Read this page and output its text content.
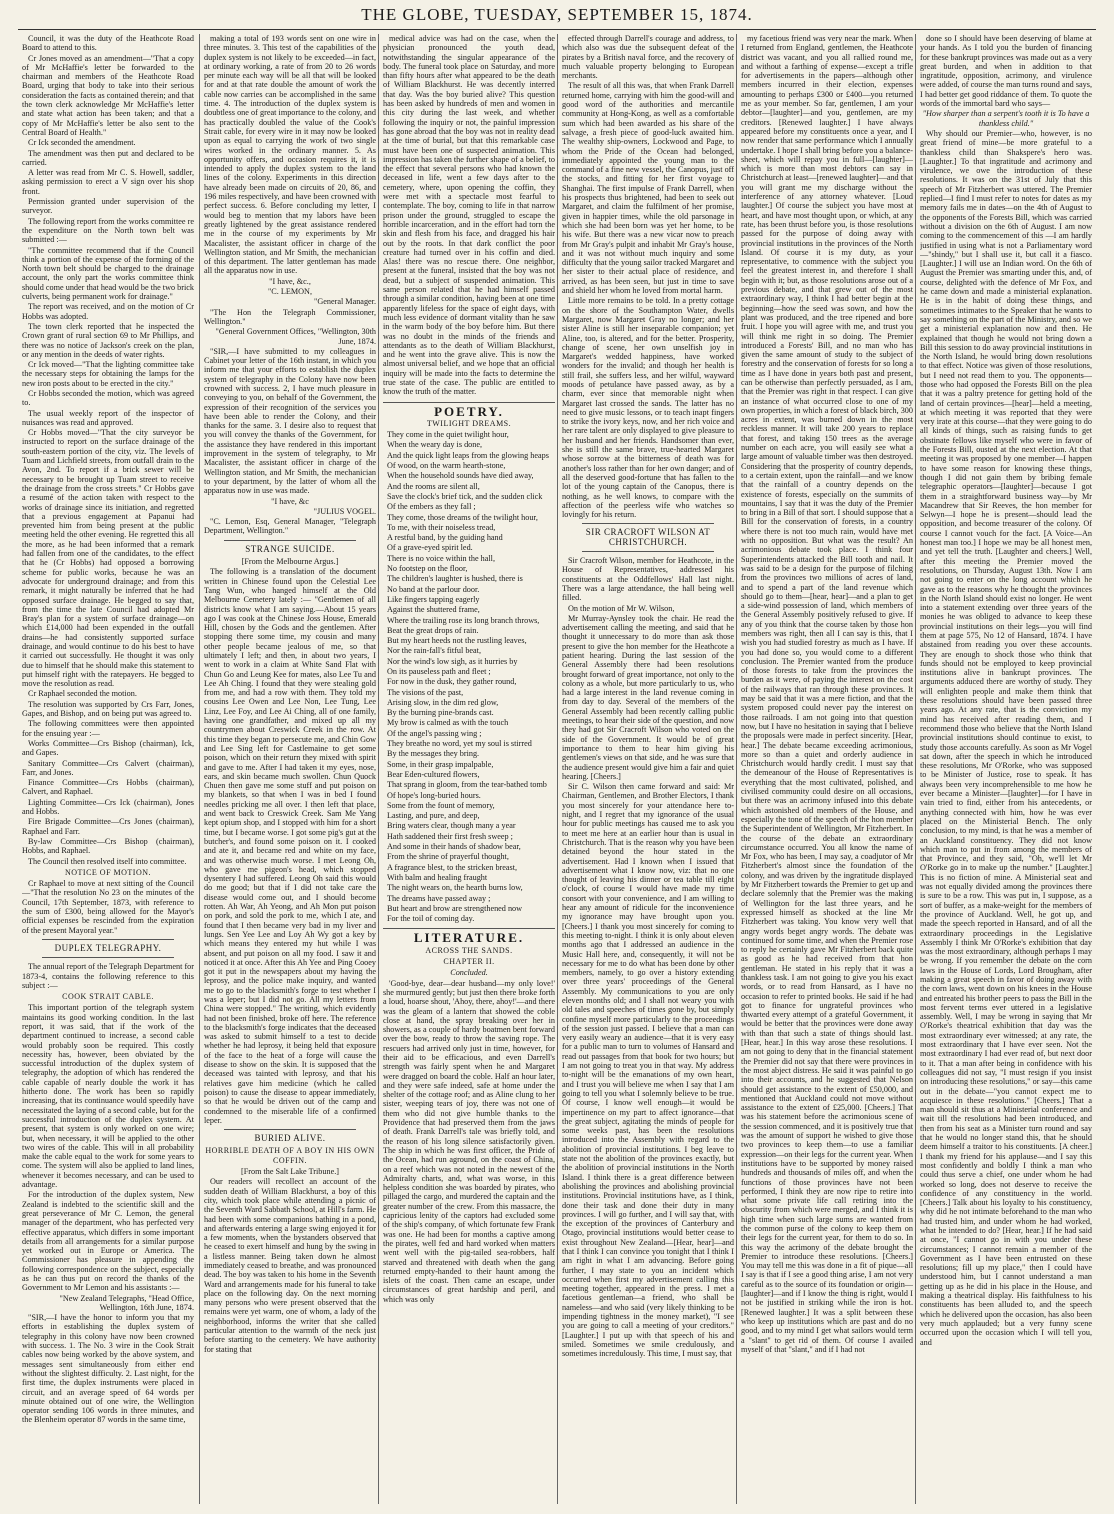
THE GLOBE, TUESDAY, SEPTEMBER 15, 1874.

Council, it was the duty of the Heathcote Road Board to attend to this.

Cr Jones moved as an amendment—"That a copy of Mr McHaffie's letter be forwarded to the chairman and members of the Heathcote Road Board, urging that body to take into their serious consideration the facts as contained therein; and that the town clerk acknowledge Mr McHaffie's letter and state what action has been taken; and that a copy of Mr McHaffie's letter be also sent to the Central Board of Health."

Cr Ick seconded the amendment.

The amendment was then put and declared to be carried.

A letter was read from Mr C. S. Howell, saddler, asking permission to erect a V sign over his shop front.

Permission granted under supervision of the surveyor.

The following report from the works committee re the expenditure on the North town belt was submitted :—

"The committee recommend that if the Council think a portion of the expense of the forming of the North town belt should be charged to the drainage account, the only part the works committee think should come under that head would be the two brick culverts, being permanent work for drainage."

The report was received, and on the motion of Cr Hobbs was adopted.

The town clerk reported that he inspected the Crown grant of rural section 69 to Mr Phillips, and there was no notice of Jackson's creek on the plan, or any mention in the deeds of water rights.

Cr Ick moved—"That the lighting committee take the necessary steps for obtaining the lamps for the new iron posts about to be erected in the city."

Cr Hobbs seconded the motion, which was agreed to.

The usual weekly report of the inspector of nuisances was read and approved.

Cr Hobbs moved—"That the city surveyor be instructed to report on the surface drainage of the south-eastern portion of the city, viz. The levels of Tuam and Lichfield streets, from outfall drain to the Avon, 2nd. To report if a brick sewer will be necessary to be brought up Tuam street to receive the drainage from the cross streets." Cr Hobbs gave a resumé of the action taken with respect to the works of drainage since its initiation, and regretted that a previous engagement at Papanui had prevented him from being present at the public meeting held the other evening. He regretted this all the more, as he had been informed that a remark had fallen from one of the candidates, to the effect that he (Cr Hobbs) had opposed a borrowing scheme for public works, because he was an advocate for underground drainage; and from this remark, it might naturally be inferred that he had opposed surface drainage. He begged to say that, from the time the late Council had adopted Mr Bray's plan for a system of surface drainage—on which £14,000 had been expended in the outfall drains—he had consistently supported surface drainage, and would continue to do his best to have it carried out successfully. He thought it was only due to himself that he should make this statement to put himself right with the ratepayers. He begged to move the resolution as read.

Cr Raphael seconded the motion.

The resolution was supported by Crs Farr, Jones, Gapes, and Bishop, and on being put was agreed to.

The following committees were then appointed for the ensuing year :—

Works Committee—Crs Bishop (chairman), Ick, and Gapes.

Sanitary Committee—Crs Calvert (chairman), Farr, and Jones.

Finance Committee—Crs Hobbs (chairman), Calvert, and Raphael.

Lighting Committee—Crs Ick (chairman), Jones and Hobbs.

Fire Brigade Committee—Crs Jones (chairman), Raphael and Farr.

By-law Committee—Crs Bishop (chairman), Hobbs, and Raphael.

The Council then resolved itself into committee.

NOTICE OF MOTION.

Cr Raphael to move at next sitting of the Council—"That the resolution No 23 on the minutes of the Council, 17th September, 1873, with reference to the sum of £300, being allowed for the Mayor's official expenses be rescinded from the expiration of the present Mayoral year."

DUPLEX TELEGRAPHY.

The annual report of the Telegraph Department for 1873-4, contains the following reference to this subject :—

COOK STRAIT CABLE.

This important portion of the telegraph system maintains its good working condition. In the last report, it was said, that if the work of the department continued to increase, a second cable would probably soon be required. This costly necessity has, however, been obviated by the successful introduction of the duplex system of telegraphy, the adoption of which has rendered the cable capable of nearly double the work it has hitherto done. The work has been so rapidly increasing, that its continuance would speedily have necessitated the laying of a second cable, but for the successful introduction of the duplex system. At present, that system is only worked on one wire; but, when necessary, it will be applied to the other two wires of the cable. This will in all probability make the cable equal to the work for some years to come. The system will also be applied to land lines, whenever it becomes necessary, and can be used to advantage.

For the introduction of the duplex system, New Zealand is indebted to the scientific skill and the great perseverance of Mr C. Lemon, the general manager of the department, who has perfected very effective apparatus, which differs in some important details from all arrangements for a similar purpose yet worked out in Europe or America. The Commissioner has pleasure in appending the following correspondence on the subject, especially as he can thus put on record the thanks of the Government to Mr Lemon and his assistants :—

"New Zealand Telegraphs, "Head Office, Wellington, 16th June, 1874.

"SIR,—I have the honor to inform you that my efforts in establishing the duplex system of telegraphy in this colony have now been crowned with success. 1. The No. 3 wire in the Cook Strait cables now being worked by the above system, and messages sent simultaneously from either end without the slightest difficulty. 2. Last night, for the first time, the duplex instruments were placed in circuit, and an average speed of 64 words per minute obtained out of one wire, the Wellington operator sending 106 words in three minutes, and the Blenheim operator 87 words in the same time,

making a total of 193 words sent on one wire in three minutes. 3. This test of the capabilities of the duplex system is not likely to be exceeded—in fact, at ordinary working, a rate of from 20 to 26 words per minute each way will be all that will be looked for and at that rate double the amount of work the cable now carries can be accomplished in the same time. 4. The introduction of the duplex system is doubtless one of great importance to the colony, and has practically doubled the value of the Cook's Strait cable, for every wire in it may now be looked upon as equal to carrying the work of two single wires worked in the ordinary manner. 5. As opportunity offers, and occasion requires it, it is intended to apply the duplex system to the land lines of the colony. Experiments in this direction have already been made on circuits of 20, 86, and 196 miles respectively, and have been crowned with perfect success. 6. Before concluding my letter, I would beg to mention that my labors have been greatly lightened by the great assistance rendered me in the course of my experiments by Mr Macalister, the assistant officer in charge of the Wellington station, and Mr Smith, the mechanician of this department. The latter gentleman has made all the apparatus now in use.

"I have, &c.,

"C. LEMON,

"General Manager.

"The Hon the Telegraph Commissioner, Wellington."

"General Government Offices, "Wellington, 30th June, 1874.

"SIR,—I have submitted to my colleagues in Cabinet your letter of the 16th instant, in which you inform me that your efforts to establish the duplex system of telegraphy in the Colony have now been crowned with success. 2, I have much pleasure in conveying to you, on behalf of the Government, the expression of their recognition of the services you have been able to render the Colony, and their thanks for the same. 3. I desire also to request that you will convey the thanks of the Government, for the assistance they have rendered in this important improvement in the system of telegraphy, to Mr Macalister, the assistant officer in charge of the Wellington station, and Mr Smith, the mechanician to your department, by the latter of whom all the apparatus now in use was made.

"I have, &c

"JULIUS VOGEL.

"C. Lemon, Esq, General Manager, "Telegraph Department, Wellington."

STRANGE SUICIDE.

[From the Melbourne Argus.]

The following is a translation of the document written in Chinese found upon the Celestial Lee Tang Wun, who hanged himself at the Old Melbourne Cemetery lately :— "Gentlemen of all districts know what I am saying.—About 15 years ago I was cook at the Chinese Joss House, Emerald Hill, chosen by the Gods and the gentlemen. After stopping there some time, my cousin and many other people became jealous of me, so that ultimately I left; and then, in about two years, I went to work in a claim at White Sand Flat with Chun Go and Leung Kee for mates, also Lee Tu and Lee Ah Ching. I found that they were stealing gold from me, and had a row with them. They told my cousins Lee Owen and Lee Non, Lee Tung, Lee Linz, Lee Foy, and Lee Ai Ching, all of one family, having one grandfather, and mixed up all my countrymen about Creswick Creek in the row. At this time they began to persecute me, and Chin Gow and Lee Sing left for Castlemaine to get some poison, which on their return they mixed with spirit and gave to me. After I had taken it my eyes, nose, ears, and skin became much swollen. Chun Quock Chuen then gave me some stuff and put poison on my blankets, so that when I was in bed I found needles pricking me all over. I then left that place, and went back to Creswick Creek. Sam Me Yang kept opium shop, and I stopped with him for a short time, but I became worse. I got some pig's gut at the butcher's, and found some poison on it. I cooked and ate it, and became red and white on my face, and was otherwise much worse. I met Leong Oh, who gave me pigeon's head, which stopped dysentery I had suffered. Leong Oh said this would do me good; but that if I did not take care the disease would come out, and I should become rotten. Ah War, Ah Yeong, and Ah Mon put poison on pork, and sold the pork to me, which I ate, and found that I then became very bad in my liver and lungs. Sen Yee Lee and Loy Ah Wy got a key by which means they entered my hut while I was absent, and put poison on all my food. I saw it and noticed it at once. After this Ah Yee and Ping Cooey got it put in the newspapers about my having the leprosy, and the police make inquiry, and wanted me to go to the blacksmith's forge to test whether I was a leper; but I did not go. All my letters from China were stopped." The writing, which evidently had not been finished, broke off here. The reference to the blacksmith's forge indicates that the deceased was asked to submit himself to a test to decide whether he had leprosy, it being held that exposure of the face to the heat of a forge will cause the disease to show on the skin. It is supposed that the deceased was tainted with leprosy, and that his relatives gave him medicine (which he called poison) to cause the disease to appear immediately, so that he would be driven out of the camp and condemned to the miserable life of a confirmed leper.

BURIED ALIVE.
HORRIBLE DEATH OF A BOY IN HIS OWN COFFIN.

[From the Salt Lake Tribune.]

Our readers will recollect an account of the sudden death of William Blackhurst, a boy of this city, which took place while attending a picnic of the Seventh Ward Sabbath School, at Hill's farm. He had been with some companions bathing in a pond, and afterwards entering a large swing enjoyed it for a few moments, when the bystanders observed that he ceased to exert himself and hung by the swing in a listless manner. Being taken down he almost immediately ceased to breathe, and was pronounced dead. The boy was taken to his home in the Seventh Ward and arrangements made for his funeral to take place on the following day. On the next morning many persons who were present observed that the remains were yet warm, one of whom, a lady of the neighborhood, informs the writer that she called particular attention to the warmth of the neck just before starting to the cemetery. We have authority for stating that

medical advice was had on the case, when the physician pronounced the youth dead, notwithstanding the singular appearance of the body. The funeral took place on Saturday, and more than fifty hours after what appeared to be the death of William Blackhurst. He was decently interred that day. Was the boy buried alive? This question has been asked by hundreds of men and women in this city during the last week, and whether following the inquiry or not, the painful impression has gone abroad that the boy was not in reality dead at the time of burial, but that this remarkable case must have been one of suspected animation. This impression has taken the further shape of a belief, to the effect that several persons who had known the deceased in life, went a few days after to the cemetery, where, upon opening the coffin, they were met with a spectacle most fearful to contemplate. The boy, coming to life in that narrow prison under the ground, struggled to escape the horrible incarceration, and in the effort had torn the skin and flesh from his face, and dragged his hair out by the roots. In that dark conflict the poor creature had turned over in his coffin and died. Alas! there was no rescue there. One neighbor, present at the funeral, insisted that the boy was not dead, but a subject of suspended animation. This same person related that he had himself passed through a similar condition, having been at one time apparently lifeless for the space of eight days, with much less evidence of dormant vitality than he saw in the warm body of the boy before him. But there was no doubt in the minds of the friends and attendants as to the death of William Blackhurst, and he went into the grave alive. This is now the almost universal belief, and we hope that an official inquiry will be made into the facts to determine the true state of the case. The public are entitled to know the truth of the matter.

POETRY.
TWILIGHT DREAMS.

They come in the quiet twilight hour,

When the weary day is done,

And the quick light leaps from the glowing heaps

Of wood, on the warm hearth-stone,

When the household sounds have died away,

And the rooms are silent all,

Save the clock's brief tick, and the sudden click

Of the embers as they fall ;

They come, those dreams of the twilight hour,

To me, with their noiseless tread,

A restful band, by the guiding hand

Of a grave-eyed spirit led.

There is no voice within the hall,

No footstep on the floor,

The children's laughter is hushed, there is

No band at the parlour door.

Like fingers tapping eagerly

Against the shuttered frame,

Where the trailing rose its long branch throws,

Beat the great drops of rain.

But my heart heeds not the rustling leaves,

Nor the rain-fall's fitful beat,

Nor the wind's low sigh, as it hurries by

On its pauseless path and fleet ;

For now in the dusk, they gather round,

The visions of the past,

Arising slow, in the dim red glow,

By the burning pine-brands cast.

My brow is calmed as with the touch

Of the angel's passing wing ;

They breathe no word, yet my soul is stirred

By the messages they bring.

Some, in their grasp impalpable,

Bear Eden-cultured flowers,

That sprang in gloom, from the tear-bathed tomb

Of hope's long-buried hours.

Some from the fount of memory,

Lasting, and pure, and deep,

Bring waters clear, though many a year

Hath saddened their first fresh sweep ;

And some in their hands of shadow bear,

From the shrine of prayerful thought,

A fragrance blest, to the stricken breast,

With balm and healing fraught

The night wears on, the hearth burns low,

The dreams have passed away ;

But heart and brow are strengthened now

For the toil of coming day.

LITERATURE.
ACROSS THE SANDS.
CHAPTER II.

Concluded.

'Good-bye, dear—dear husband—my only love!' she murmured gently; but just then there broke forth a loud, hoarse shout, 'Ahoy, there, ahoy!'—and there was the gleam of a lantern that showed the coble close at hand, the spray breaking over her in showers, as a couple of hardy boatmen bent forward over the bow, ready to throw the saving rope. The rescuers had arrived only just in time, however, for their aid to be efficacious, and even Darrell's strength was fairly spent when he and Margaret were dragged on board the coble. Half an hour later, and they were safe indeed, safe at home under the shelter of the cottage roof; and as Aline clung to her sister, weeping tears of joy, there was not one of them who did not give humble thanks to the Providence that had preserved them from the jaws of death. Frank Darrell's tale was briefly told, and the reason of his long silence satisfactorily given. The ship in which he was first officer, the Pride of the Ocean, had run aground, on the coast of China, on a reef which was not noted in the newest of the Admiralty charts, and, what was worse, in this helpless condition she was boarded by pirates, who pillaged the cargo, and murdered the captain and the greater number of the crew. From this massacre, the capricious lenity of the captors had excluded some of the ship's company, of which fortunate few Frank was one. He had been for months a captive among the pirates, well fed and hard worked when matters went well with the pig-tailed sea-robbers, half starved and threatened with death when the gang returned empty-handed to their haunt among the islets of the coast. Then came an escape, under circumstances of great hardship and peril, and which was only

effected through Darrell's courage and address, to which also was due the subsequent defeat of the pirates by a British naval force, and the recovery of much valuable property belonging to European merchants.

The result of all this was, that when Frank Darrell returned home, carrying with him the good-will and good word of the authorities and mercantile community at Hong-Kong, as well as a comfortable sum which had been awarded as his share of the salvage, a fresh piece of good-luck awaited him. The wealthy ship-owners, Lockwood and Page, to whom the Pride of the Ocean had belonged, immediately appointed the young man to the command of a fine new vessel, the Canopus, just off the stocks, and fitting for her first voyage to Shanghai. The first impulse of Frank Darrell, when his prospects thus brightened, had been to seek out Margaret, and claim the fulfilment of her promise, given in happier times, while the old parsonage in which she had been born was yet her home, to be his wife. But there was a new vicar now to preach from Mr Gray's pulpit and inhabit Mr Gray's house, and it was not without much inquiry and some difficulty that the young sailor tracked Margaret and her sister to their actual place of residence, and arrived, as has been seen, but just in time to save and shield her whom he loved from mortal harm.

Little more remains to be told. In a pretty cottage on the shore of the Southampton Water, dwells Margaret, now Margaret Gray no longer; and her sister Aline is still her inseparable companion; yet Aline, too, is altered, and for the better. Prosperity, change of scene, her own unselfish joy in Margaret's wedded happiness, have worked wonders for the invalid; and though her health is still frail, she suffers less, and her wilful, wayward moods of petulance have passed away, as by a charm, ever since that memorable night when Margaret last crossed the sands. The latter has no need to give music lessons, or to teach inapt fingers to strike the ivory keys, now, and her rich voice and her rare talent are only displayed to give pleasure to her husband and her friends. Handsomer than ever, she is still the same brave, true-hearted Margaret whose sorrow at the bitterness of death was for another's loss rather than for her own danger; and of all the deserved good-fortune that has fallen to the lot of the young captain of the Canopus, there is nothing, as he well knows, to compare with the affection of the peerless wife who watches so lovingly for his return.

SIR CRACROFT WILSON AT CHRISTCHURCH.

Sir Cracroft Wilson, member for Heathcote, in the House of Representatives, addressed his constituents at the Oddfellows' Hall last night. There was a large attendance, the hall being well filled.

On the motion of Mr W. Wilson,

Mr Murray-Aynsley took the chair. He read the advertisement calling the meeting, and said that he thought it unnecessary to do more than ask those present to give the hon member for the Heathcote a patient hearing. During the last session of the General Assembly there had been resolutions brought forward of great importance, not only to the colony as a whole, but more particularly to us, who had a large interest in the land revenue coming in from day to day. Several of the members of the General Assembly had been recently calling public meetings, to hear their side of the question, and now they had got Sir Cracroft Wilson who voted on the side of the Government. It would be of great importance to them to hear him giving his gentlemen's views on that side, and he was sure that the audience present would give him a fair and quiet hearing. [Cheers.]

Sir C. Wilson then came forward and said: Mr Chairman, Gentlemen, and Brother Electors, I thank you most sincerely for your attendance here to-night, and I regret that my ignorance of the usual hour for public meetings has caused me to ask you to meet me here at an earlier hour than is usual in Christchurch. That is the reason why you have been detained beyond the hour stated in the advertisement. Had I known when I issued that advertisement what I know now, viz: that no one thought of leaving his dinner or tea table till eight o'clock, of course I would have made my time consort with your convenience, and I am willing to hear any amount of ridicule for the inconvenience my ignorance may have brought upon you. [Cheers.] I thank you most sincerely for coming to this meeting to-night. I think it is only about eleven months ago that I addressed an audience in the Music Hall here, and, consequently, it will not be necessary for me to do what has been done by other members, namely, to go over a history extending over three years' proceedings of the General Assembly. My communications to you are only eleven months old; and I shall not weary you with old tales and speeches of times gone by, but simply confine myself more particularly to the proceedings of the session just passed. I believe that a man can very easily weary an audience—that it is very easy for a public man to turn to volumes of Hansard and read out passages from that book for two hours; but I am not going to treat you in that way. My address to-night will be the emanations of my own heart, and I trust you will believe me when I say that I am going to tell you what I solemnly believe to be true. Of course, I know well enough—it would be impertinence on my part to affect ignorance—that the great subject, agitating the minds of people for some weeks past, has been the resolutions introduced into the Assembly with regard to the abolition of provincial institutions. I beg leave to state not the abolition of the provinces exactly, but the abolition of provincial institutions in the North Island. I think there is a great difference between abolishing the provinces and abolishing provincial institutions. Provincial institutions have, as I think, done their task and done their duty in many provinces. I will go further, and I will say that, with the exception of the provinces of Canterbury and Otago, provincial institutions would better cease to exist throughout New Zealand—[Hear, hear]—and that I think I can convince you tonight that I think I am right in what I am advancing. Before going further, I may state to you an incident which occurred when first my advertisement calling this meeting together, appeared in the press. I met a facetious gentleman—a friend, who shall be nameless—and who said (very likely thinking to be impending tightness in the money market), "I see you are going to call a meeting of your creditors." [Laughter.] I put up with that speech of his and smiled. Sometimes we smile credulously, and sometimes incredulously. This time, I must say, that

my facetious friend was very near the mark. When I returned from England, gentlemen, the Heathcote district was vacant, and you all rallied round me, and without a farthing of expense—except a trifle for advertisements in the papers—although other members incurred in their election, expenses amounting to perhaps £300 or £400—you returned me as your member. So far, gentlemen, I am your debtor—[laughter]—and you, gentlemen, are my creditors. [Renewed laughter.] I have always appeared before my constituents once a year, and I now render that same performance which I annually undertake. I hope I shall bring before you a balance-sheet, which will repay you in full—[laughter]—which is more than most debtors can say in Christchurch at least—[renewed laughter]—and that you will grant me my discharge without the interference of any attorney whatever. [Loud laughter.] Of course the subject you have most at heart, and have most thought upon, or which, at any rate, has been thrust before you, is those resolutions passed for the purpose of doing away with provincial institutions in the provinces of the North Island. Of course it is my duty, as your representative, to commence with the subject you feel the greatest interest in, and therefore I shall begin with it; but, as those resolutions arose out of a previous debate, and that grew out of the most extraordinary way, I think I had better begin at the beginning—how the seed was sown, and how the plant was produced, and the tree ripened and bore fruit. I hope you will agree with me, and trust you will think me right in so doing. The Premier introduced a Forests' Bill, and no man who has given the same amount of study to the subject of forestry and the conservation of forests for so long a time as I have done in years both past and present, can be otherwise than perfectly persuaded, as I am, that the Premier was right in that respect. I can give an instance of what occurred close to one of my own properties, in which a forest of black birch, 300 acres in extent, was burned down in the most reckless manner. It will take 200 years to replace that forest, and taking 150 trees as the average number on each acre, you will easily see what a large amount of valuable timber was then destroyed. Considering that the prosperity of country depends, to a certain extent, upon the rainfall—and we know that the rainfall of a country depends on the existence of forests, especially on the summits of mountains, I say that it was the duty of the Premier to bring in a Bill of that sort. I should suppose that a Bill for the conservation of forests, in a country where there is not too much rain, would have met with no opposition. But what was the result? An acrimonious debate took place. I think four Superintendents attacked the Bill tooth and nail. It was said to be a design for the purpose of filching from the provinces two millions of acres of land, and to spend a part of the land revenue which should go to them—[hear, hear]—and a plan to get a side-wind possession of land, which members of the General Assembly positively refused to give. If any of you think that the course taken by those hon members was right, then all I can say is this, that I wish you had studied forestry as much as I have. If you had done so, you would come to a different conclusion. The Premier wanted from the produce of those forests to take from the provinces the burden as it were, of paying the interest on the cost of the railways that ran through these provinces. It may be said that it was a mere fiction, and that the system proposed could never pay the interest on those railroads. I am not going into that question now, but I have no hesitation in saying that I believe the proposals were made in perfect sincerity. [Hear, hear.] The debate became exceeding acrimonious, more so than a quiet and orderly audience in Christchurch would hardly credit. I must say that the demeanour of the House of Representatives is everything that the most cultivated, polished, and civilised community could desire on all occasions, but there was an acrimony infused into this debate which astonished old members of the House, and especially the tone of the speech of the hon member the Superintendent of Wellington, Mr Fitzherbert. In the course of the debate an extraordinary circumstance occurred. You all know the name of Mr Fox, who has been, I may say, a coadjutor of Mr Fitzherbert's almost since the foundation of the colony, and was driven by the ingratitude displayed by Mr Fitzherbert towards the Premier to get up and declare solemnly that the Premier was the making of Wellington for the last three years, and he expressed himself as shocked at the line Mr Fitzherbert was taking. You know very well that angry words beget angry words. The debate was continued for some time, and when the Premier rose to reply he certainly gave Mr Fitzherbert back quite as good as he had received from that hon gentleman. He stated in his reply that it was a thankless task. I am not going to give you his exact words, or to read from Hansard, as I have no occasion to refer to printed books. He said if he had got to finance for ungrateful provinces who thwarted every attempt of a grateful Government, it would be better that the provinces were done away with than that such a state of things should last. [Hear, hear.] In this way arose these resolutions. I am not going to deny that in the financial statement the Premier did not say that there were provinces in the most abject distress. He said it was painful to go into their accounts, and he suggested that Nelson should get assistance to the extent of £50,000, and mentioned that Auckland could not move without assistance to the extent of £25,000. [Cheers.] That was his statement before the acrimonious scene of the session commenced, and it is positively true that was the amount of support he wished to give those two provinces to keep them—to use a familiar expression—on their legs for the current year. When institutions have to be supported by money raised hundreds and thousands of miles off, and when the functions of those provinces have not been performed, I think they are now ripe to retire into what some private life call retiring into the obscurity from which were merged, and I think it is high time when such large sums are wanted from the common purse of the colony to keep them on their legs for the current year, for them to do so. In this way the acrimony of the debate brought the Premier to introduce these resolutions. [Cheers.] You may tell me this was done in a fit of pique—all I say is that if I see a good thing arise, I am not very careful as to the source of its foundation or origin—[laughter]—and if I know the thing is right, would I not be justified in striking while the iron is hot. [Renewed laughter.] It was a split between these who keep up institutions which are past and do no good, and to my mind I get what sailors would term a "slant" to get rid of them. Of course I availed myself of that "slant," and if I had not

done so I should have been deserving of blame at your hands. As I told you the burden of financing for these bankrupt provinces was made out as a very great burden, and when in addition to that ingratitude, opposition, acrimony, and virulence were added, of course the man turns round and says, I had better get good riddance of them. To quote the words of the immortal bard who says—

"How sharper than a serpent's tooth it is To have a thankless child."

Why should our Premier—who, however, is no great friend of mine—be more grateful to a thankless child than Shakspere's hero was. [Laughter.] To that ingratitude and acrimony and virulence, we owe the introduction of these resolutions. It was on the 31st of July that this speech of Mr Fitzherbert was uttered. The Premier replied—I find I must refer to notes for dates as my memory fails me in dates—on the 4th of August to the opponents of the Forests Bill, which was carried without a division on the 6th of August. I am now coming to the commencement of this —I am hardly justified in using what is not a Parliamentary word—"shindy," but I shall use it, but call it a fiasco. [Laughter.] I will use an Indian word. On the 6th of August the Premier was smarting under this, and, of course, delighted with the defence of Mr Fox, and he came down and made a ministerial explanation. He is in the habit of doing these things, and sometimes intimates to the Speaker that he wants to say something on the part of the Ministry, and so we get a ministerial explanation now and then. He explained that though he would not bring down a Bill this session to do away provincial institutions in the North Island, he would bring down resolutions to that effect. Notice was given of those resolutions, but I need not read them to you. The opponents—those who had opposed the Forests Bill on the plea that it was a paltry pretence for getting hold of the land of certain provinces—[hear]—held a meeting, at which meeting it was reported that they were very irate at this course—that they were going to do all kinds of things, such as raising funds to get obstinate fellows like myself who were in favor of the Forests Bill, ousted at the next election. At that meeting it was proposed by one member—I happen to have some reason for knowing these things, though I did not gain them by bribing female telegraphic operators—[laughter]—because I got them in a straightforward business way—by Mr Macandrew that Sir Reeves, the hon member for Selwyn—I hope he is present—should lead the opposition, and become treasurer of the colony. Of course I cannot vouch for the fact. [A Voice—An honest man too.] I hope we may be all honest men, and yet tell the truth. [Laughter and cheers.] Well, after this meeting the Premier moved the resolutions, on Thursday, August 13th. Now I am not going to enter on the long account which he gave as to the reasons why he thought the provinces in the North Island should exist no longer. He went into a statement extending over three years of the monies he was obliged to advance to keep these provincial institutions on their legs—you will find them at page 575, No 12 of Hansard, 1874. I have abstained from reading you over these accounts. They are enough to shock those who think that funds should not be employed to keep provincial institutions alive in bankrupt provinces. The arguments adduced there are worthy of study. They will enlighten people and make them think that these resolutions should have been passed three years ago. At any rate, that is the conviction my mind has received after reading them, and I recommend those who believe that the North Island provincial institutions should continue to exist, to study those accounts carefully. As soon as Mr Vogel sat down, after the speech in which he introduced these resolutions, Mr O'Rorke, who was supposed to be Minister of Justice, rose to speak. It has always been very incomprehensible to me how he ever became a Minister—[laughter]—for I have in vain tried to find, either from his antecedents, or anything connected with him, how he was ever placed on the Ministerial Bench. The only conclusion, to my mind, is that he was a member of an Auckland constituency. They did not know which man to put in from among the members of that Province, and they said, "Oh, we'll let Mr O'Rorke go in to make up the number." [Laughter.] This is no fiction of mine. A Ministerial seat and was not equally divided among the provinces there is sure to be a row. This was put in, I suppose, as a sort of buffer, as a make-weight for the members of the province of Auckland. Well, he got up, and made the speech reported in Hansard, and of all the extraordinary proceedings in the Legislative Assembly I think Mr O'Rorke's exhibition that day was the most extraordinary, although perhaps I may be wrong. If you remember the debate on the corn laws in the House of Lords, Lord Brougham, after making a great speech in favor of doing away with the corn laws, went down on his knees in the House and entreated his brother peers to pass the Bill in the most fervent terms ever uttered in a legislative assembly. Well, I may be wrong in saying that Mr O'Rorke's theatrical exhibition that day was the most extraordinary ever witnessed; at any rate, the most extraordinary that I have ever seen. Not the most extraordinary I had ever read of, but next door to it. That a man after being in confidence with his colleagues did not say, "I must resign if you insist on introducing these resolutions," or say—this came out in the debate—"you cannot expect me to acquiesce in these resolutions." [Cheers.] That a man should sit thus at a Ministerial conference and wait till the resolutions had been introduced, and then from his seat as a Minister turn round and say that he would no longer stand this, that he should deem himself a traitor to his constituents. [A cheer.] I thank my friend for his applause—and I say this most confidently and boldly I think a man who could thus serve a chief, one under whom he had worked so long, does not deserve to receive the confidence of any constituency in the world. [Cheers.] Talk about his loyalty to his constituency, why did he not intimate beforehand to the man who had trusted him, and under whom he had worked, what he intended to do? [Hear, hear.] If he had said at once, "I cannot go in with you under these circumstances; I cannot remain a member of the Government as I have been entrusted on these resolutions; fill up my place," then I could have understood him, but I cannot understand a man getting up as he did in his place in the House, and making a theatrical display. His faithfulness to his constituents has been alluded to, and the speech which he delivered upon the occasion, has also been very much applauded; but a very funny scene occurred upon the occasion which I will tell you, and
